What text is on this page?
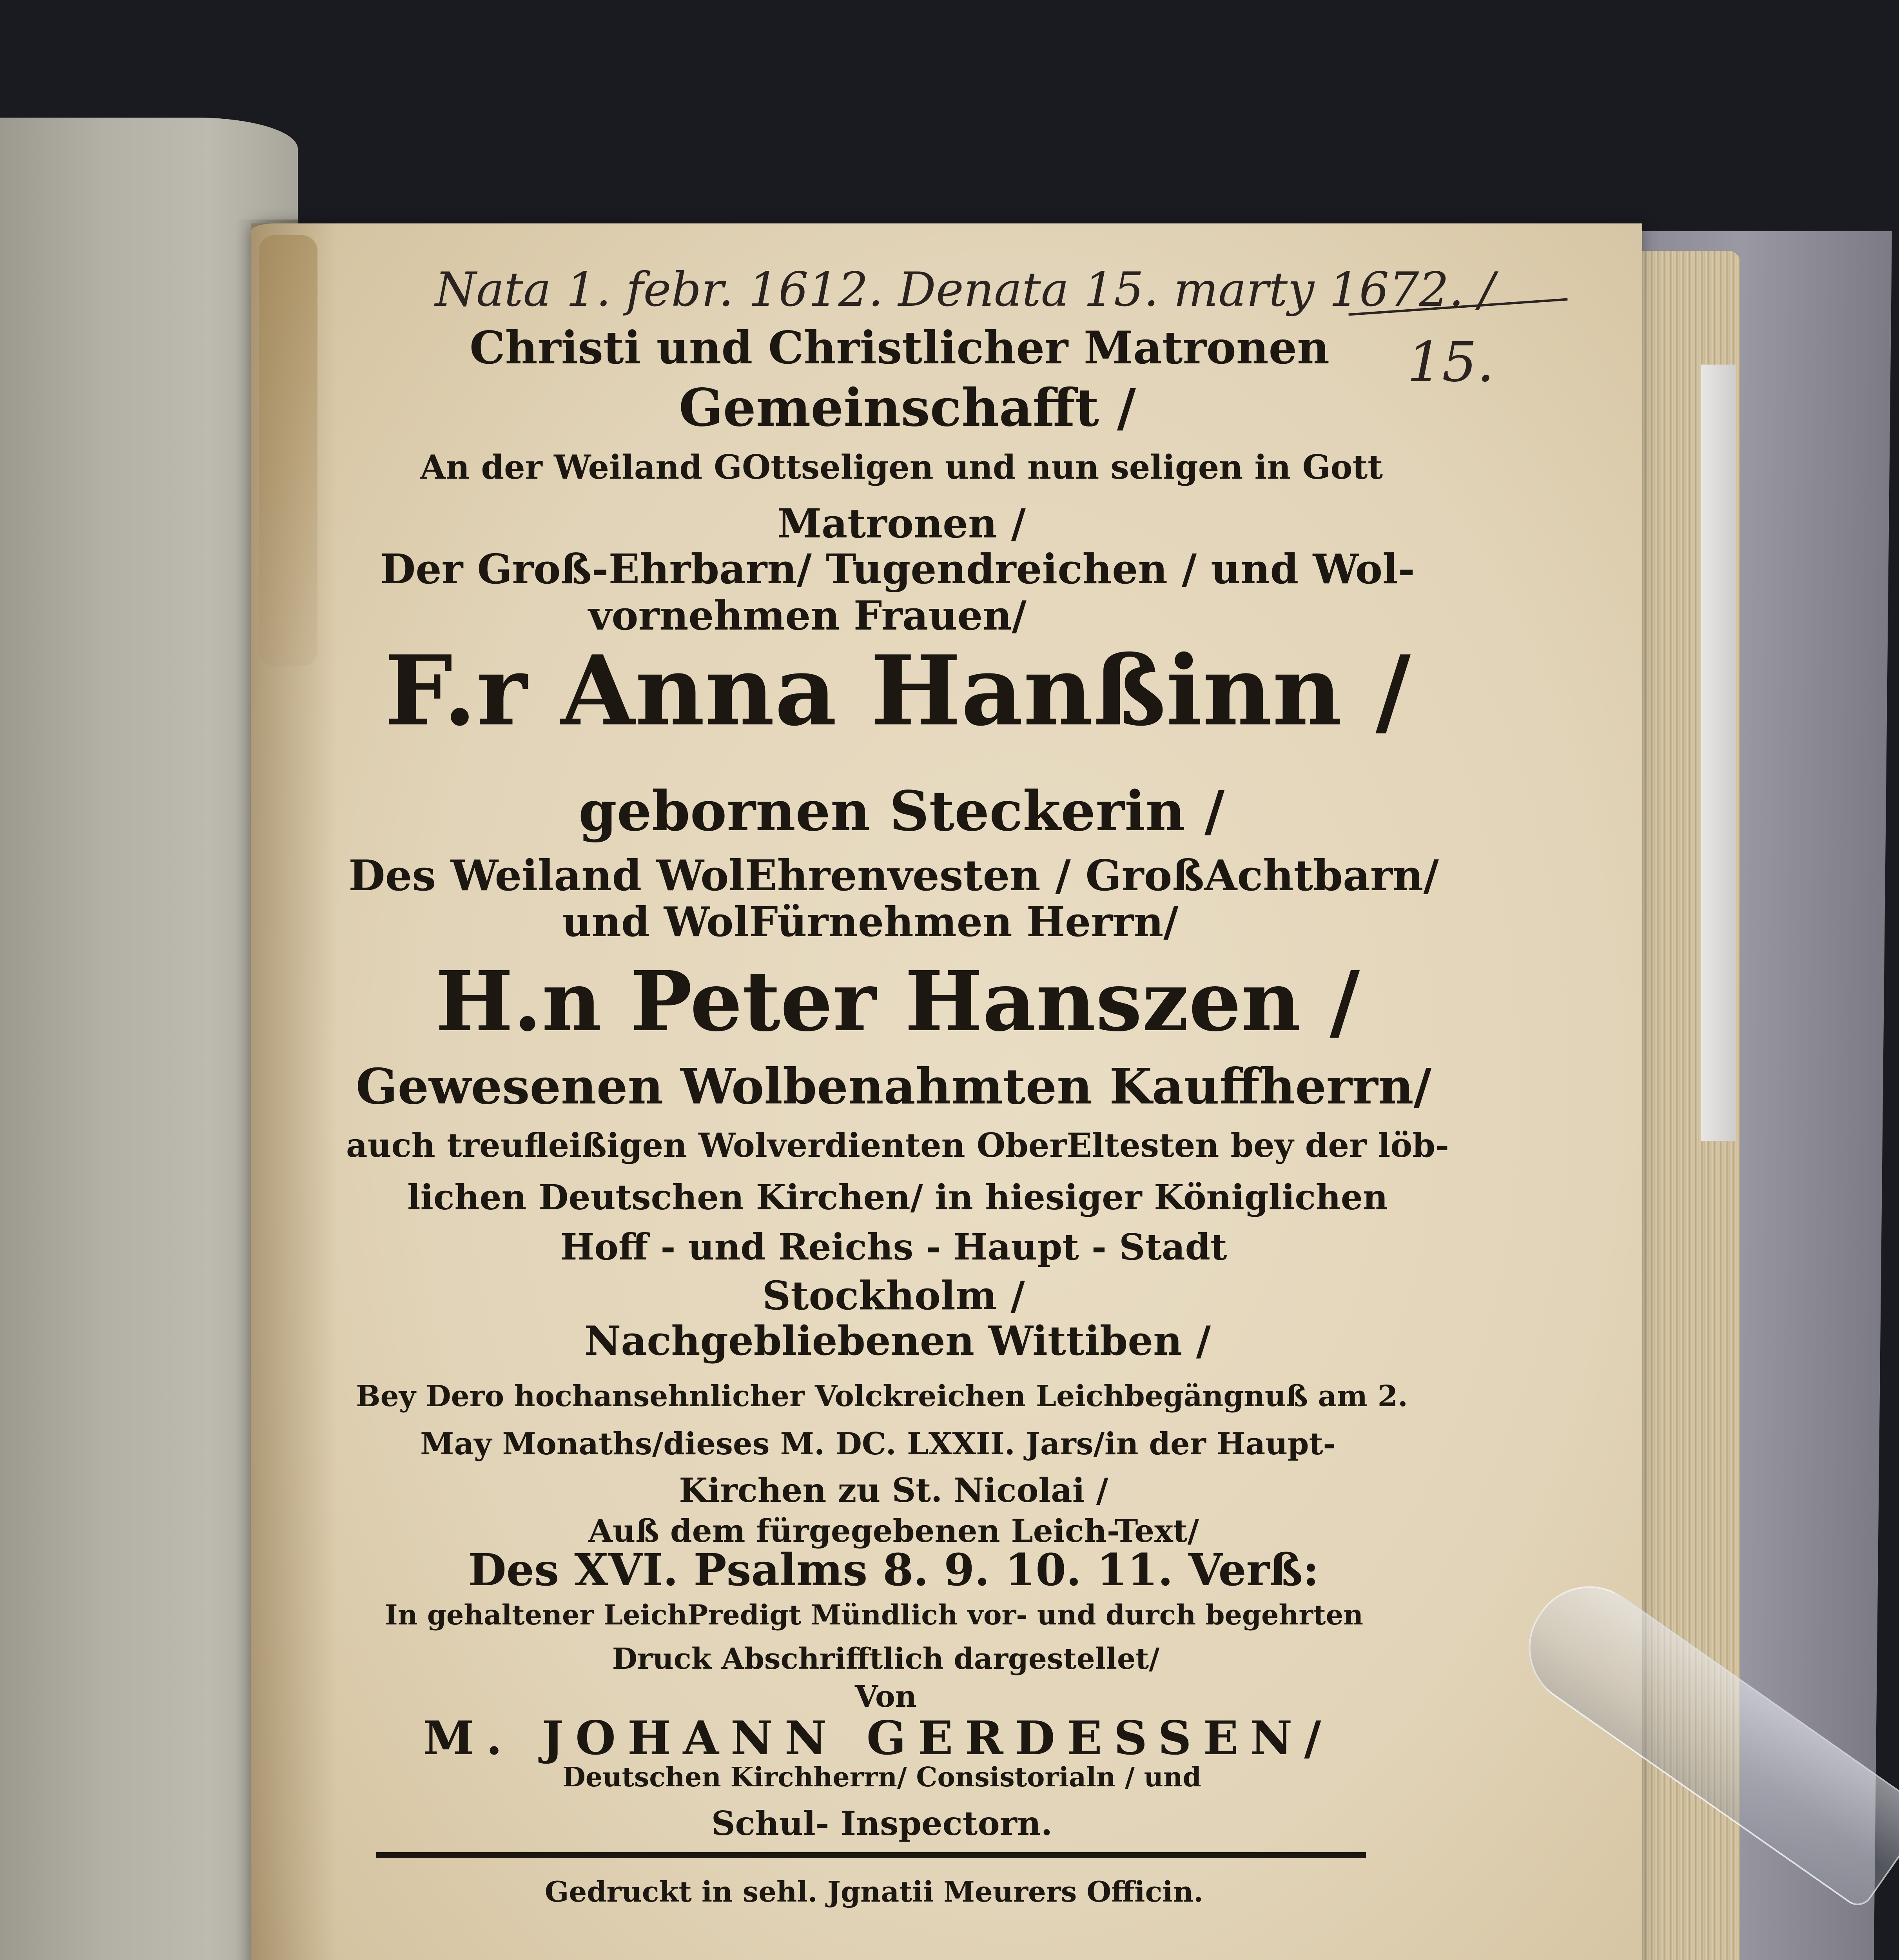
Nata 1. febr. 1612. Denata 15. marty 1672. /
15.
Christi und Christlicher Matronen
Gemeinschafft /
An der Weiland GOttseligen und nun seligen in Gott
Matronen /
Der Groß-Ehrbarn/ Tugendreichen / und Wol-
vornehmen Frauen/
F.r Anna Hanßinn /
gebornen Steckerin /
Des Weiland WolEhrenvesten / GroßAchtbarn/
und WolFürnehmen Herrn/
H.n Peter Hanszen /
Gewesenen Wolbenahmten Kauffherrn/
auch treufleißigen Wolverdienten OberEltesten bey der löb-
lichen Deutschen Kirchen/ in hiesiger Königlichen
Hoff - und Reichs - Haupt - Stadt
Stockholm /
Nachgebliebenen Wittiben /
Bey Dero hochansehnlicher Volckreichen Leichbegängnuß am 2.
May Monaths/dieses M. DC. LXXII. Jars/in der Haupt-
Kirchen zu St. Nicolai /
Auß dem fürgegebenen Leich-Text/
Des XVI. Psalms 8. 9. 10. 11. Verß:
In gehaltener LeichPredigt Mündlich vor- und durch begehrten
Druck Abschrifftlich dargestellet/
Von
M. JOHANN GERDESSEN/
Deutschen Kirchherrn/ Consistorialn / und
Schul- Inspectorn.
Gedruckt in sehl. Jgnatii Meurers Officin.
